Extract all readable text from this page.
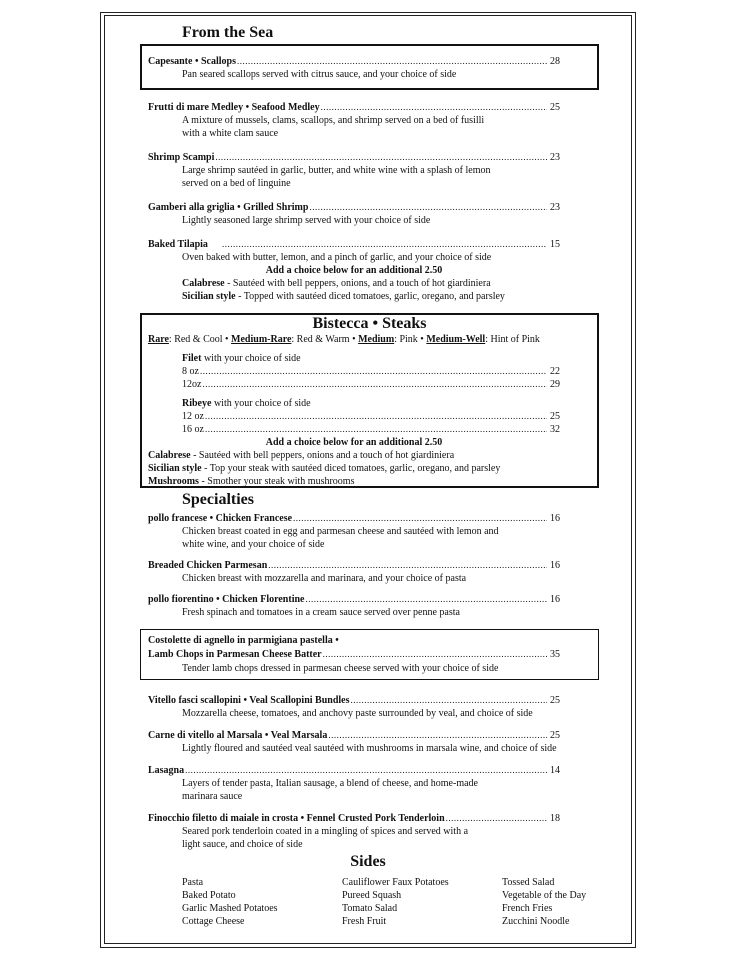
From the Sea
Capesante • Scallops .....	28
Pan seared scallops served with citrus sauce, and your choice of side
Frutti di mare Medley • Seafood Medley .....	25
A mixture of mussels, clams, scallops, and shrimp served on a bed of fusilli
with a white clam sauce
Shrimp Scampi .....	23
Large shrimp sautéed in garlic, butter, and white wine with a splash of lemon
served on a bed of linguine
Gamberi alla griglia • Grilled Shrimp .....	23
Lightly seasoned large shrimp served with your choice of side
Baked Tilapia .....	15
Oven baked with butter, lemon, and a pinch of garlic, and your choice of side
Add a choice below for an additional 2.50
Calabrese - Sautéed with bell peppers, onions, and a touch of hot giardiniera
Sicilian style - Topped with sautéed diced tomatoes, garlic, oregano, and parsley
Bistecca • Steaks
Rare: Red & Cool • Medium-Rare: Red & Warm • Medium: Pink • Medium-Well: Hint of Pink
Filet with your choice of side
8 oz .....	22
12oz .....	29
Ribeye with your choice of side
12 oz .....	25
16 oz .....	32
Add a choice below for an additional 2.50
Calabrese - Sautéed with bell peppers, onions and a touch of hot giardiniera
Sicilian style - Top your steak with sautéed diced tomatoes, garlic, oregano, and parsley
Mushrooms - Smother your steak with mushrooms
Specialties
pollo francese • Chicken Francese .....	16
Chicken breast coated in egg and parmesan cheese and sautéed with lemon and
white wine, and your choice of side
Breaded Chicken Parmesan .....	16
Chicken breast with mozzarella and marinara, and your choice of pasta
pollo fiorentino • Chicken Florentine .....	16
Fresh spinach and tomatoes in a cream sauce served over penne pasta
Costolette di agnello in parmigiana pastella •
Lamb Chops in Parmesan Cheese Batter .....	35
Tender lamb chops dressed in parmesan cheese served with your choice of side
Vitello fasci scallopini • Veal Scallopini Bundles .....	25
Mozzarella cheese, tomatoes, and anchovy paste surrounded by veal, and choice of side
Carne di vitello al Marsala • Veal Marsala .....	25
Lightly floured and sautéed veal sautéed with mushrooms in marsala wine, and choice of side
Lasagna .....	14
Layers of tender pasta, Italian sausage, a blend of cheese, and home-made
marinara sauce
Finocchio filetto di maiale in crosta • Fennel Crusted Pork Tenderloin .....	18
Seared pork tenderloin coated in a mingling of spices and served with a
light sauce, and choice of side
Sides
Pasta
Baked Potato
Garlic Mashed Potatoes
Cottage Cheese
Cauliflower Faux Potatoes
Pureed Squash
Tomato Salad
Fresh Fruit
Tossed Salad
Vegetable of the Day
French Fries
Zucchini Noodle
